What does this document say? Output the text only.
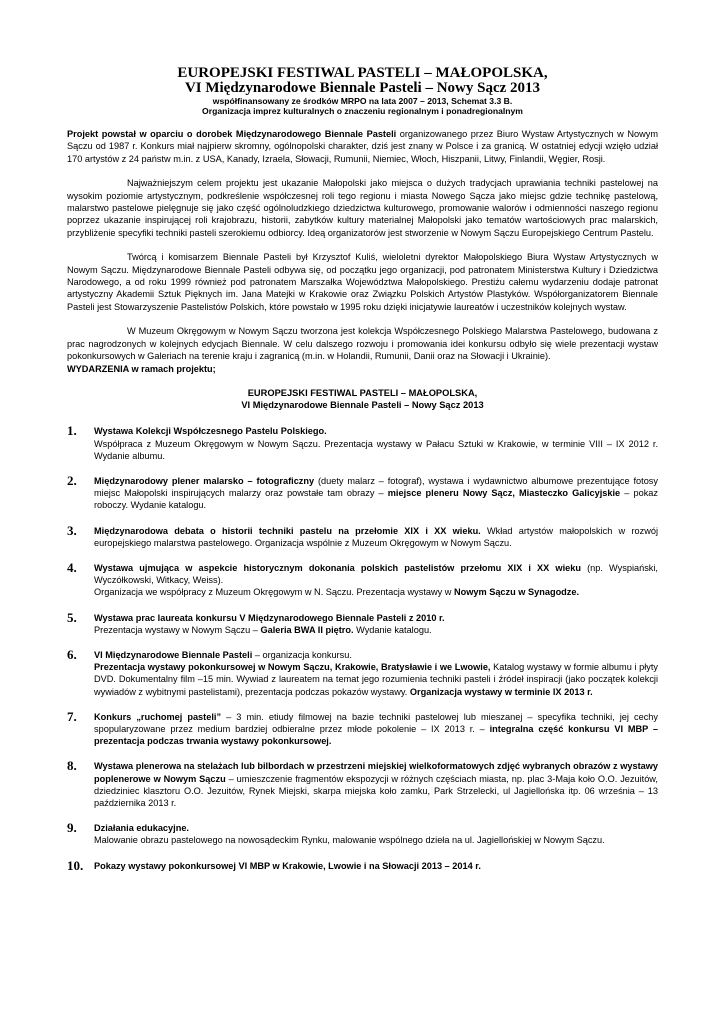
EUROPEJSKI FESTIWAL PASTELI – MAŁOPOLSKA,
VI Międzynarodowe Biennale Pasteli – Nowy Sącz 2013
współfinansowany ze środków MRPO na lata 2007 – 2013, Schemat 3.3 B.
Organizacja imprez kulturalnych o znaczeniu regionalnym i ponadregionalnym

Projekt powstał w oparciu o dorobek Międzynarodowego Biennale Pasteli organizowanego przez Biuro Wystaw Artystycznych w Nowym Sączu od 1987 r. Konkurs miał najpierw skromny, ogólnopolski charakter, dziś jest znany w Polsce i za granicą. W ostatniej edycji wzięło udział 170 artystów z 24 państw m.in. z USA, Kanady, Izraela, Słowacji, Rumunii, Niemiec, Włoch, Hiszpanii, Litwy, Finlandii, Węgier, Rosji.

Najważniejszym celem projektu jest ukazanie Małopolski jako miejsca o dużych tradycjach uprawiania techniki pastelowej na wysokim poziomie artystycznym, podkreślenie współczesnej roli tego regionu i miasta Nowego Sącza jako miejsc gdzie technikę pastelową, malarstwo pastelowe pielęgnuje się jako część ogólnoludzkiego dziedzictwa kulturowego, promowanie walorów i odmienności naszego regionu poprzez ukazanie inspirującej roli krajobrazu, historii, zabytków kultury materialnej Małopolski jako tematów wartościowych prac malarskich, przybliżenie specyfiki techniki pasteli szerokiemu odbiorcy. Ideą organizatorów jest stworzenie w Nowym Sączu Europejskiego Centrum Pastelu.

Twórcą i komisarzem Biennale Pasteli był Krzysztof Kuliś, wieloletni dyrektor Małopolskiego Biura Wystaw Artystycznych w Nowym Sączu. Międzynarodowe Biennale Pasteli odbywa się, od początku jego organizacji, pod patronatem Ministerstwa Kultury i Dziedzictwa Narodowego, a od roku 1999 również pod patronatem Marszałka Województwa Małopolskiego. Prestiżu całemu wydarzeniu dodaje patronat artystyczny Akademii Sztuk Pięknych im. Jana Matejki w Krakowie oraz Związku Polskich Artystów Plastyków. Współorganizatorem Biennale Pasteli jest Stowarzyszenie Pastelistów Polskich, które powstało w 1995 roku dzięki inicjatywie laureatów i uczestników kolejnych wystaw.

W Muzeum Okręgowym w Nowym Sączu tworzona jest kolekcja Współczesnego Polskiego Malarstwa Pastelowego, budowana z prac nagrodzonych w kolejnych edycjach Biennale. W celu dalszego rozwoju i promowania idei konkursu odbyło się wiele prezentacji wystaw pokonkursowych w Galeriach na terenie kraju i zagranicą (m.in. w Holandii, Rumunii, Danii oraz na Słowacji i Ukrainie).

WYDARZENIA w ramach projektu;
EUROPEJSKI FESTIWAL PASTELI – MAŁOPOLSKA,
VI Międzynarodowe Biennale Pasteli – Nowy Sącz 2013
1. Wystawa Kolekcji Współczesnego Pastelu Polskiego.
Współpraca z Muzeum Okręgowym w Nowym Sączu. Prezentacja wystawy w Pałacu Sztuki w Krakowie, w terminie VIII – IX 2012 r. Wydanie albumu.
2. Międzynarodowy plener malarsko – fotograficzny (duety malarz – fotograf), wystawa i wydawnictwo albumowe prezentujące fotosy miejsc Małopolski inspirujących malarzy oraz powstałe tam obrazy – miejsce pleneru Nowy Sącz, Miasteczko Galicyjskie – pokaz roboczy. Wydanie katalogu.
3. Międzynarodowa debata o historii techniki pastelu na przełomie XIX i XX wieku. Wkład artystów małopolskich w rozwój europejskiego malarstwa pastelowego. Organizacja wspólnie z Muzeum Okręgowym w Nowym Sączu.
4. Wystawa ujmująca w aspekcie historycznym dokonania polskich pastelistów przełomu XIX i XX wieku (np. Wyspiański, Wyczółkowski, Witkacy, Weiss).
Organizacja we współpracy z Muzeum Okręgowym w N. Sączu. Prezentacja wystawy w Nowym Sączu w Synagodze.
5. Wystawa prac laureata konkursu V Międzynarodowego Biennale Pasteli z 2010 r.
Prezentacja wystawy w Nowym Sączu – Galeria BWA II piętro. Wydanie katalogu.
6. VI Międzynarodowe Biennale Pasteli – organizacja konkursu.
Prezentacja wystawy pokonkursowej w Nowym Sączu, Krakowie, Bratysławie i we Lwowie, Katalog wystawy w formie albumu i płyty DVD. Dokumentalny film –15 min. Wywiad z laureatem na temat jego rozumienia techniki pasteli i źródeł inspiracji (jako początek kolekcji wywiadów z wybitnymi pastelistami), prezentacja podczas pokazów wystawy. Organizacja wystawy w terminie IX 2013 r.
7. Konkurs „ruchomej pasteli” – 3 min. etiudy filmowej na bazie techniki pastelowej lub mieszanej – specyfika techniki, jej cechy spopularyzowane przez medium bardziej odbieralne przez młode pokolenie – IX 2013 r. – integralna część konkursu VI MBP – prezentacja podczas trwania wystawy pokonkursowej.
8. Wystawa plenerowa na stelażach lub bilbordach w przestrzeni miejskiej wielkoformatowych zdjęć wybranych obrazów z wystawy poplenerowe w Nowym Sączu – umieszczenie fragmentów ekspozycji w różnych częściach miasta, np. plac 3-Maja koło O.O. Jezuitów, dziedziniec klasztoru O.O. Jezuitów, Rynek Miejski, skarpa miejska koło zamku, Park Strzelecki, ul Jagiellońska itp. 06 września – 13 października 2013 r.
9. Działania edukacyjne.
Malowanie obrazu pastelowego na nowosądeckim Rynku, malowanie wspólnego dzieła na ul. Jagiellońskiej w Nowym Sączu.
10. Pokazy wystawy pokonkursowej VI MBP w Krakowie, Lwowie i na Słowacji 2013 – 2014 r.
